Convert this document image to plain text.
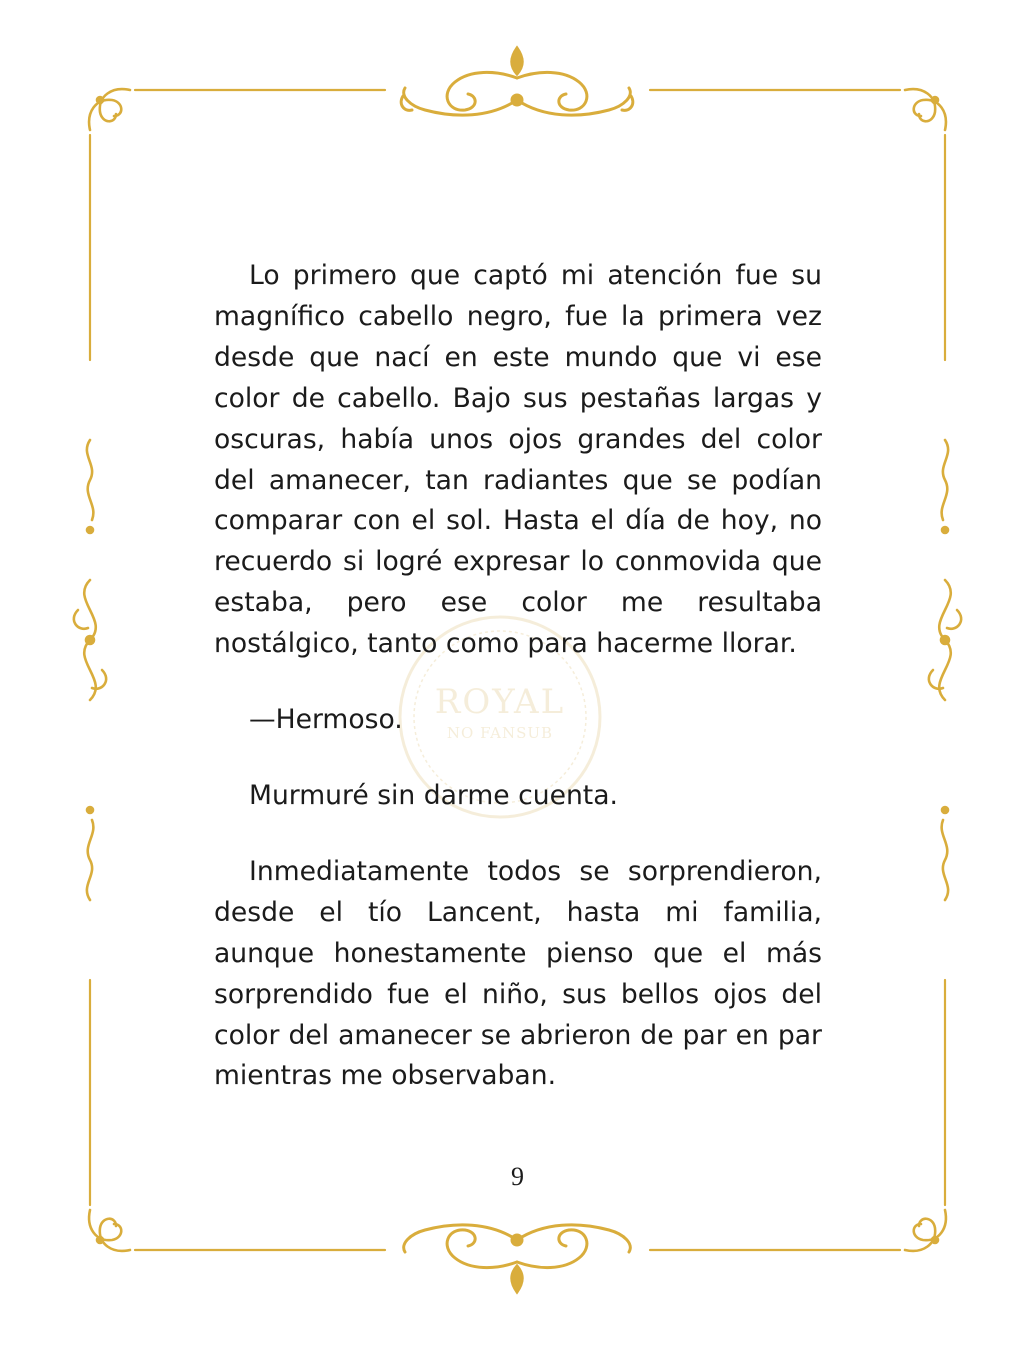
ROYAL
NO FANSUB

Lo primero que captó mi atención fue su magnífico cabello negro, fue la primera vez desde que nací en este mundo que vi ese color de cabello. Bajo sus pestañas largas y oscuras, había unos ojos grandes del color del amanecer, tan radiantes que se podían comparar con el sol. Hasta el día de hoy, no recuerdo si logré expresar lo conmovida que estaba, pero ese color me resultaba nostálgico, tanto como para hacerme llorar.

—Hermoso.

Murmuré sin darme cuenta.

Inmediatamente todos se sorprendieron, desde el tío Lancent, hasta mi familia, aunque honestamente pienso que el más sorprendido fue el niño, sus bellos ojos del color del amanecer se abrieron de par en par mientras me observaban.

9
